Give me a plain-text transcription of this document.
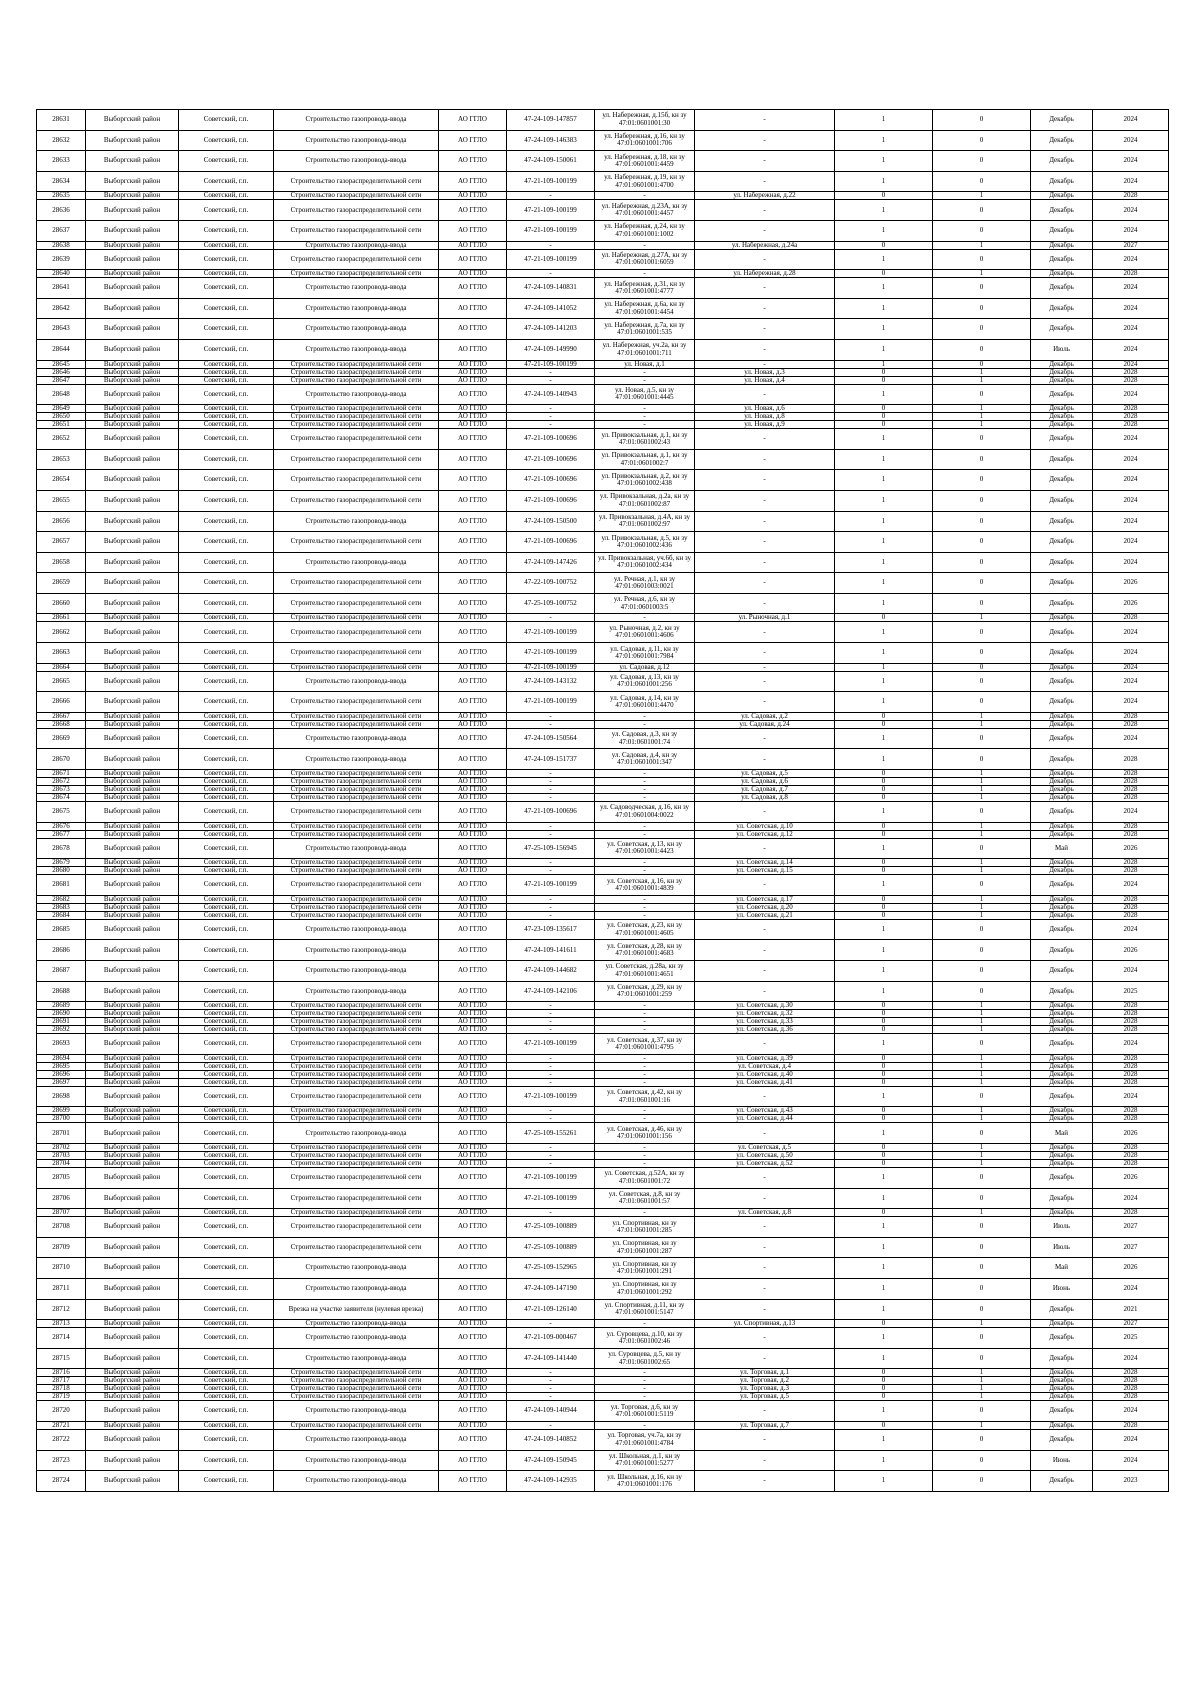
28631	Выборгский район	Советский, г.п.	Строительство газопровода-ввода	АО ГГЛО	47-24-109-147857	ул. Набережная, д.15б, кн зу 47:01:0601001:30	-	1	0	Декабрь	2024
28632	Выборгский район	Советский, г.п.	Строительство газопровода-ввода	АО ГГЛО	47-24-109-146383	ул. Набережная, д.16, кн зу 47:01:0601001:706	-	1	0	Декабрь	2024
28633	Выборгский район	Советский, г.п.	Строительство газопровода-ввода	АО ГГЛО	47-24-109-150061	ул. Набережная, д.18, кн зу 47:01:0601001:4459	-	1	0	Декабрь	2024
28634	Выборгский район	Советский, г.п.	Строительство газораспределительной сети	АО ГГЛО	47-21-109-100199	ул. Набережная, д.19, кн зу 47:01:0601001:4700	-	1	0	Декабрь	2024
28635	Выборгский район	Советский, г.п.	Строительство газораспределительной сети	АО ГГЛО	-	-	ул. Набережная, д.22	0	1	Декабрь	2028
28636	Выборгский район	Советский, г.п.	Строительство газораспределительной сети	АО ГГЛО	47-21-109-100199	ул. Набережная, д.23А, кн зу 47:01:0601001:4457	-	1	0	Декабрь	2024
28637	Выборгский район	Советский, г.п.	Строительство газораспределительной сети	АО ГГЛО	47-21-109-100199	ул. Набережная, д.24, кн зу 47:01:0601001:1002	-	1	0	Декабрь	2024
28638	Выборгский район	Советский, г.п.	Строительство газопровода-ввода	АО ГГЛО	-	-	ул. Набережная, д.24а	0	1	Декабрь	2027
28639	Выборгский район	Советский, г.п.	Строительство газораспределительной сети	АО ГГЛО	47-21-109-100199	ул. Набережная, д.27А, кн зу 47:01:0601001:6059	-	1	0	Декабрь	2024
28640	Выборгский район	Советский, г.п.	Строительство газораспределительной сети	АО ГГЛО	-	-	ул. Набережная, д.28	0	1	Декабрь	2028
28641	Выборгский район	Советский, г.п.	Строительство газопровода-ввода	АО ГГЛО	47-24-109-140831	ул. Набережная, д.31, кн зу 47:01:0601001:4777	-	1	0	Декабрь	2024
28642	Выборгский район	Советский, г.п.	Строительство газопровода-ввода	АО ГГЛО	47-24-109-141052	ул. Набережная, д.6а, кн зу 47:01:0601001:4454	-	1	0	Декабрь	2024
28643	Выборгский район	Советский, г.п.	Строительство газопровода-ввода	АО ГГЛО	47-24-109-141203	ул. Набережная, д.7а, кн зу 47:01:0601001:535	-	1	0	Декабрь	2024
28644	Выборгский район	Советский, г.п.	Строительство газопровода-ввода	АО ГГЛО	47-24-109-149990	ул. Набережная, уч.2а, кн зу 47:01:0601001:711	-	1	0	Июль	2024
28645	Выборгский район	Советский, г.п.	Строительство газораспределительной сети	АО ГГЛО	47-21-109-100199	ул. Новая, д.1	-	1	0	Декабрь	2024
28646	Выборгский район	Советский, г.п.	Строительство газораспределительной сети	АО ГГЛО	-	-	ул. Новая, д.3	0	1	Декабрь	2028
28647	Выборгский район	Советский, г.п.	Строительство газораспределительной сети	АО ГГЛО	-	-	ул. Новая, д.4	0	1	Декабрь	2028
28648	Выборгский район	Советский, г.п.	Строительство газопровода-ввода	АО ГГЛО	47-24-109-140943	ул. Новая, д.5, кн зу 47:01:0601001:4445	-	1	0	Декабрь	2024
28649	Выборгский район	Советский, г.п.	Строительство газораспределительной сети	АО ГГЛО	-	-	ул. Новая, д.6	0	1	Декабрь	2028
28650	Выборгский район	Советский, г.п.	Строительство газораспределительной сети	АО ГГЛО	-	-	ул. Новая, д.8	0	1	Декабрь	2028
28651	Выборгский район	Советский, г.п.	Строительство газораспределительной сети	АО ГГЛО	-	-	ул. Новая, д.9	0	1	Декабрь	2028
28652	Выборгский район	Советский, г.п.	Строительство газораспределительной сети	АО ГГЛО	47-21-109-100696	ул. Привокзальная, д.1, кн зу 47:01:0601002:43	-	1	0	Декабрь	2024
28653	Выборгский район	Советский, г.п.	Строительство газораспределительной сети	АО ГГЛО	47-21-109-100696	ул. Привокзальная, д.1, кн зу 47:01:0601002:7	-	1	0	Декабрь	2024
28654	Выборгский район	Советский, г.п.	Строительство газораспределительной сети	АО ГГЛО	47-21-109-100696	ул. Привокзальная, д.2, кн зу 47:01:0601002:438	-	1	0	Декабрь	2024
28655	Выборгский район	Советский, г.п.	Строительство газораспределительной сети	АО ГГЛО	47-21-109-100696	ул. Привокзальная, д.2а, кн зу 47:01:0601002:87	-	1	0	Декабрь	2024
28656	Выборгский район	Советский, г.п.	Строительство газопровода-ввода	АО ГГЛО	47-24-109-150500	ул. Привокзальная, д.4А, кн зу 47:01:0601002:97	-	1	0	Декабрь	2024
28657	Выборгский район	Советский, г.п.	Строительство газораспределительной сети	АО ГГЛО	47-21-109-100696	ул. Привокзальная, д.5, кн зу 47:01:0601002:436	-	1	0	Декабрь	2024
28658	Выборгский район	Советский, г.п.	Строительство газопровода-ввода	АО ГГЛО	47-24-109-147426	ул. Привокзальная, уч.6б, кн зу 47:01:0601002:434	-	1	0	Декабрь	2024
28659	Выборгский район	Советский, г.п.	Строительство газораспределительной сети	АО ГГЛО	47-22-109-100752	ул. Речная, д.1, кн зу 47:01:0601003:0021	-	1	0	Декабрь	2026
28660	Выборгский район	Советский, г.п.	Строительство газораспределительной сети	АО ГГЛО	47-25-109-100752	ул. Речная, д.6, кн зу 47:01:0601003:5	-	1	0	Декабрь	2026
28661	Выборгский район	Советский, г.п.	Строительство газораспределительной сети	АО ГГЛО	-	-	ул. Рыночная, д.1	0	1	Декабрь	2028
28662	Выборгский район	Советский, г.п.	Строительство газораспределительной сети	АО ГГЛО	47-21-109-100199	ул. Рыночная, д.2, кн зу 47:01:0601001:4606	-	1	0	Декабрь	2024
28663	Выборгский район	Советский, г.п.	Строительство газораспределительной сети	АО ГГЛО	47-21-109-100199	ул. Садовая, д.11, кн зу 47:01:0601001:7984	-	1	0	Декабрь	2024
28664	Выборгский район	Советский, г.п.	Строительство газораспределительной сети	АО ГГЛО	47-21-109-100199	ул. Садовая, д.12	-	1	0	Декабрь	2024
28665	Выборгский район	Советский, г.п.	Строительство газопровода-ввода	АО ГГЛО	47-24-109-143132	ул. Садовая, д.13, кн зу 47:01:0601001:256	-	1	0	Декабрь	2024
28666	Выборгский район	Советский, г.п.	Строительство газораспределительной сети	АО ГГЛО	47-21-109-100199	ул. Садовая, д.14, кн зу 47:01:0601001:4470	-	1	0	Декабрь	2024
28667	Выборгский район	Советский, г.п.	Строительство газораспределительной сети	АО ГГЛО	-	-	ул. Садовая, д.2	0	1	Декабрь	2028
28668	Выборгский район	Советский, г.п.	Строительство газораспределительной сети	АО ГГЛО	-	-	ул. Садовая, д.24	0	1	Декабрь	2028
28669	Выборгский район	Советский, г.п.	Строительство газопровода-ввода	АО ГГЛО	47-24-109-150564	ул. Садовая, д.3, кн зу 47:01:0601001:74	-	1	0	Декабрь	2024
28670	Выборгский район	Советский, г.п.	Строительство газопровода-ввода	АО ГГЛО	47-24-109-151737	ул. Садовая, д.4, кн зу 47:01:0601001:347	-	1	0	Декабрь	2028
28671	Выборгский район	Советский, г.п.	Строительство газораспределительной сети	АО ГГЛО	-	-	ул. Садовая, д.5	0	1	Декабрь	2028
28672	Выборгский район	Советский, г.п.	Строительство газораспределительной сети	АО ГГЛО	-	-	ул. Садовая, д.6	0	1	Декабрь	2028
28673	Выборгский район	Советский, г.п.	Строительство газораспределительной сети	АО ГГЛО	-	-	ул. Садовая, д.7	0	1	Декабрь	2028
28674	Выборгский район	Советский, г.п.	Строительство газораспределительной сети	АО ГГЛО	-	-	ул. Садовая, д.8	0	1	Декабрь	2028
28675	Выборгский район	Советский, г.п.	Строительство газораспределительной сети	АО ГГЛО	47-21-109-100696	ул. Садоводческая, д.16, кн зу 47:01:0601004:0022	-	1	0	Декабрь	2024
28676	Выборгский район	Советский, г.п.	Строительство газораспределительной сети	АО ГГЛО	-	-	ул. Советская, д.10	0	1	Декабрь	2028
28677	Выборгский район	Советский, г.п.	Строительство газораспределительной сети	АО ГГЛО	-	-	ул. Советская, д.12	0	1	Декабрь	2028
28678	Выборгский район	Советский, г.п.	Строительство газопровода-ввода	АО ГГЛО	47-25-109-156945	ул. Советская, д.13, кн зу 47:01:0601001:4423	-	1	0	Май	2026
28679	Выборгский район	Советский, г.п.	Строительство газораспределительной сети	АО ГГЛО	-	-	ул. Советская, д.14	0	1	Декабрь	2028
28680	Выборгский район	Советский, г.п.	Строительство газораспределительной сети	АО ГГЛО	-	-	ул. Советская, д.15	0	1	Декабрь	2028
28681	Выборгский район	Советский, г.п.	Строительство газораспределительной сети	АО ГГЛО	47-21-109-100199	ул. Советская, д.16, кн зу 47:01:0601001:4839	-	1	0	Декабрь	2024
28682	Выборгский район	Советский, г.п.	Строительство газораспределительной сети	АО ГГЛО	-	-	ул. Советская, д.17	0	1	Декабрь	2028
28683	Выборгский район	Советский, г.п.	Строительство газораспределительной сети	АО ГГЛО	-	-	ул. Советская, д.20	0	1	Декабрь	2028
28684	Выборгский район	Советский, г.п.	Строительство газораспределительной сети	АО ГГЛО	-	-	ул. Советская, д.21	0	1	Декабрь	2028
28685	Выборгский район	Советский, г.п.	Строительство газопровода-ввода	АО ГГЛО	47-23-109-135617	ул. Советская, д.23, кн зу 47:01:0601001:4605	-	1	0	Декабрь	2024
28686	Выборгский район	Советский, г.п.	Строительство газопровода-ввода	АО ГГЛО	47-24-109-141611	ул. Советская, д.28, кн зу 47:01:0601001:4683	-	1	0	Декабрь	2026
28687	Выборгский район	Советский, г.п.	Строительство газопровода-ввода	АО ГГЛО	47-24-109-144682	ул. Советская, д.28а, кн зу 47:01:0601001:4651	-	1	0	Декабрь	2024
28688	Выборгский район	Советский, г.п.	Строительство газопровода-ввода	АО ГГЛО	47-24-109-142106	ул. Советская, д.29, кн зу 47:01:0601001:259	-	1	0	Декабрь	2025
28689	Выборгский район	Советский, г.п.	Строительство газораспределительной сети	АО ГГЛО	-	-	ул. Советская, д.30	0	1	Декабрь	2028
28690	Выборгский район	Советский, г.п.	Строительство газораспределительной сети	АО ГГЛО	-	-	ул. Советская, д.32	0	1	Декабрь	2028
28691	Выборгский район	Советский, г.п.	Строительство газораспределительной сети	АО ГГЛО	-	-	ул. Советская, д.33	0	1	Декабрь	2028
28692	Выборгский район	Советский, г.п.	Строительство газораспределительной сети	АО ГГЛО	-	-	ул. Советская, д.36	0	1	Декабрь	2028
28693	Выборгский район	Советский, г.п.	Строительство газораспределительной сети	АО ГГЛО	47-21-109-100199	ул. Советская, д.37, кн зу 47:01:0601001:4795	-	1	0	Декабрь	2024
28694	Выборгский район	Советский, г.п.	Строительство газораспределительной сети	АО ГГЛО	-	-	ул. Советская, д.39	0	1	Декабрь	2028
28695	Выборгский район	Советский, г.п.	Строительство газораспределительной сети	АО ГГЛО	-	-	ул. Советская, д.4	0	1	Декабрь	2028
28696	Выборгский район	Советский, г.п.	Строительство газораспределительной сети	АО ГГЛО	-	-	ул. Советская, д.40	0	1	Декабрь	2028
28697	Выборгский район	Советский, г.п.	Строительство газораспределительной сети	АО ГГЛО	-	-	ул. Советская, д.41	0	1	Декабрь	2028
28698	Выборгский район	Советский, г.п.	Строительство газораспределительной сети	АО ГГЛО	47-21-109-100199	ул. Советская, д.42, кн зу 47:01:0601001:16	-	1	0	Декабрь	2024
28699	Выборгский район	Советский, г.п.	Строительство газораспределительной сети	АО ГГЛО	-	-	ул. Советская, д.43	0	1	Декабрь	2028
28700	Выборгский район	Советский, г.п.	Строительство газораспределительной сети	АО ГГЛО	-	-	ул. Советская, д.44	0	1	Декабрь	2028
28701	Выборгский район	Советский, г.п.	Строительство газопровода-ввода	АО ГГЛО	47-25-109-155261	ул. Советская, д.46, кн зу 47:01:0601001:156	-	1	0	Май	2026
28702	Выборгский район	Советский, г.п.	Строительство газораспределительной сети	АО ГГЛО	-	-	ул. Советская, д.5	0	1	Декабрь	2028
28703	Выборгский район	Советский, г.п.	Строительство газораспределительной сети	АО ГГЛО	-	-	ул. Советская, д.50	0	1	Декабрь	2028
28704	Выборгский район	Советский, г.п.	Строительство газораспределительной сети	АО ГГЛО	-	-	ул. Советская, д.52	0	1	Декабрь	2028
28705	Выборгский район	Советский, г.п.	Строительство газораспределительной сети	АО ГГЛО	47-21-109-100199	ул. Советская, д.52А, кн зу 47:01:0601001:72	-	1	0	Декабрь	2026
28706	Выборгский район	Советский, г.п.	Строительство газораспределительной сети	АО ГГЛО	47-21-109-100199	ул. Советская, д.8, кн зу 47:01:0601001:57	-	1	0	Декабрь	2024
28707	Выборгский район	Советский, г.п.	Строительство газораспределительной сети	АО ГГЛО	-	-	ул. Советская, д.8	0	1	Декабрь	2028
28708	Выборгский район	Советский, г.п.	Строительство газораспределительной сети	АО ГГЛО	47-25-109-100889	ул. Спортивная, кн зу 47:01:0601001:285	-	1	0	Июль	2027
28709	Выборгский район	Советский, г.п.	Строительство газораспределительной сети	АО ГГЛО	47-25-109-100889	ул. Спортивная, кн зу 47:01:0601001:287	-	1	0	Июль	2027
28710	Выборгский район	Советский, г.п.	Строительство газопровода-ввода	АО ГГЛО	47-25-109-152965	ул. Спортивная, кн зу 47:01:0601001:291	-	1	0	Май	2026
28711	Выборгский район	Советский, г.п.	Строительство газопровода-ввода	АО ГГЛО	47-24-109-147190	ул. Спортивная, кн зу 47:01:0601001:292	-	1	0	Июнь	2024
28712	Выборгский район	Советский, г.п.	Врезка на участке заявителя (нулевая врезка)	АО ГГЛО	47-21-109-126140	ул. Спортивная, д.11, кн зу 47:01:0601001:5147	-	1	0	Декабрь	2021
28713	Выборгский район	Советский, г.п.	Строительство газопровода-ввода	АО ГГЛО	-	-	ул. Спортивная, д.13	0	1	Декабрь	2027
28714	Выборгский район	Советский, г.п.	Строительство газопровода-ввода	АО ГГЛО	47-21-109-000467	ул. Суровцева, д.10, кн зу 47:01:0601002:46	-	1	0	Декабрь	2025
28715	Выборгский район	Советский, г.п.	Строительство газопровода-ввода	АО ГГЛО	47-24-109-141440	ул. Суровцева, д.5, кн зу 47:01:0601002:65	-	1	0	Декабрь	2024
28716	Выборгский район	Советский, г.п.	Строительство газораспределительной сети	АО ГГЛО	-	-	ул. Торговая, д.1	0	1	Декабрь	2028
28717	Выборгский район	Советский, г.п.	Строительство газораспределительной сети	АО ГГЛО	-	-	ул. Торговая, д.2	0	1	Декабрь	2028
28718	Выборгский район	Советский, г.п.	Строительство газораспределительной сети	АО ГГЛО	-	-	ул. Торговая, д.3	0	1	Декабрь	2028
28719	Выборгский район	Советский, г.п.	Строительство газораспределительной сети	АО ГГЛО	-	-	ул. Торговая, д.5	0	1	Декабрь	2028
28720	Выборгский район	Советский, г.п.	Строительство газопровода-ввода	АО ГГЛО	47-24-109-140944	ул. Торговая, д.6, кн зу 47:01:0601001:5119	-	1	0	Декабрь	2024
28721	Выборгский район	Советский, г.п.	Строительство газораспределительной сети	АО ГГЛО	-	-	ул. Торговая, д.7	0	1	Декабрь	2028
28722	Выборгский район	Советский, г.п.	Строительство газопровода-ввода	АО ГГЛО	47-24-109-140852	ул. Торговая, уч.7а, кн зу 47:01:0601001:4784	-	1	0	Декабрь	2024
28723	Выборгский район	Советский, г.п.	Строительство газопровода-ввода	АО ГГЛО	47-24-109-150945	ул. Школьная, д.1, кн зу 47:01:0601001:5277	-	1	0	Июнь	2024
28724	Выборгский район	Советский, г.п.	Строительство газопровода-ввода	АО ГГЛО	47-24-109-142935	ул. Школьная, д.16, кн зу 47:01:0601001:176	-	1	0	Декабрь	2023
